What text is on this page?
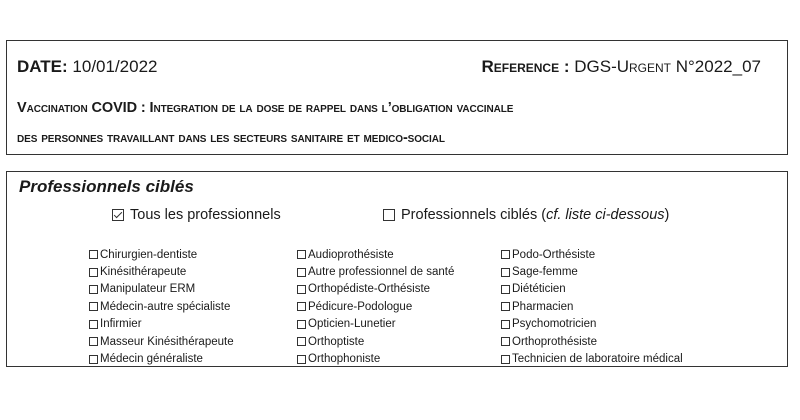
DATE: 10/01/2022	Reference : DGS-Urgent N°2022_07
Vaccination COVID : Integration de la dose de rappel dans l’obligation vaccinale
des personnes travaillant dans les secteurs sanitaire et medico-social
Professionnels ciblés
Tous les professionnels	Professionnels ciblés ( cf. liste ci-dessous )
Chirurgien-dentiste
Kinésithérapeute
Manipulateur ERM
Médecin-autre spécialiste
Infirmier
Masseur Kinésithérapeute
Médecin généraliste
Audioprothésiste
Autre professionnel de santé
Orthopédiste-Orthésiste
Pédicure-Podologue
Opticien-Lunetier
Orthoptiste
Orthophoniste
Podo-Orthésiste
Sage-femme
Diététicien
Pharmacien
Psychomotricien
Orthoprothésiste
Technicien de laboratoire médical
